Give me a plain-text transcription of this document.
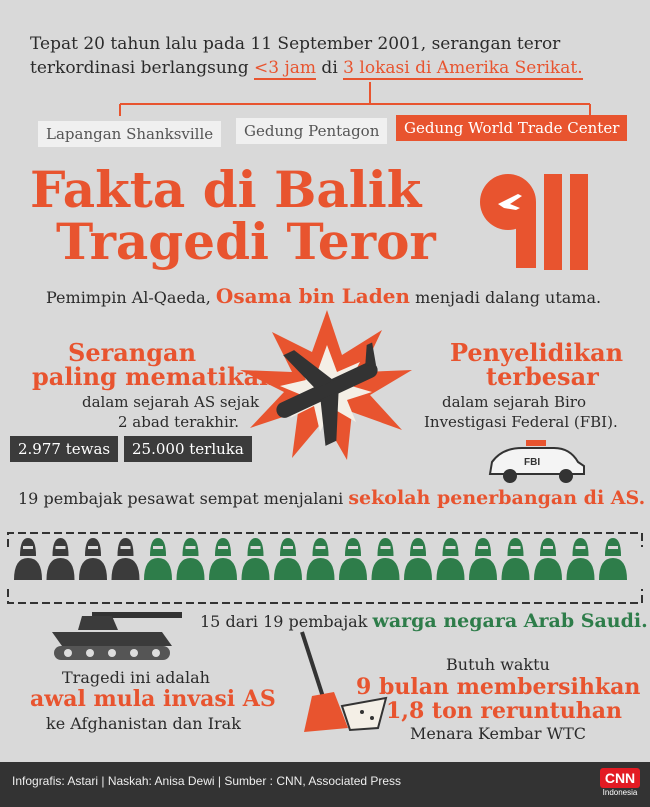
Tepat 20 tahun lalu pada 11 September 2001, serangan teror
terkordinasi berlangsung <3 jam di 3 lokasi di Amerika Serikat.
Lapangan Shanksville	Gedung Pentagon	Gedung World Trade Center
Fakta di Balik
Tragedi Teror
Pemimpin Al-Qaeda, Osama bin Laden menjadi dalang utama.
Serangan
paling mematikan
dalam sejarah AS sejak
2 abad terakhir.
2.977 tewas	25.000 terluka
Penyelidikan
terbesar
dalam sejarah Biro
Investigasi Federal (FBI).
FBI
19 pembajak pesawat sempat menjalani sekolah penerbangan di AS.
15 dari 19 pembajak warga negara Arab Saudi.
Tragedi ini adalah
awal mula invasi AS
ke Afghanistan dan Irak
Butuh waktu
9 bulan membersihkan
1,8 ton reruntuhan
Menara Kembar WTC
Infografis: Astari | Naskah: Anisa Dewi | Sumber : CNN, Associated Press	CNN
Indonesia
